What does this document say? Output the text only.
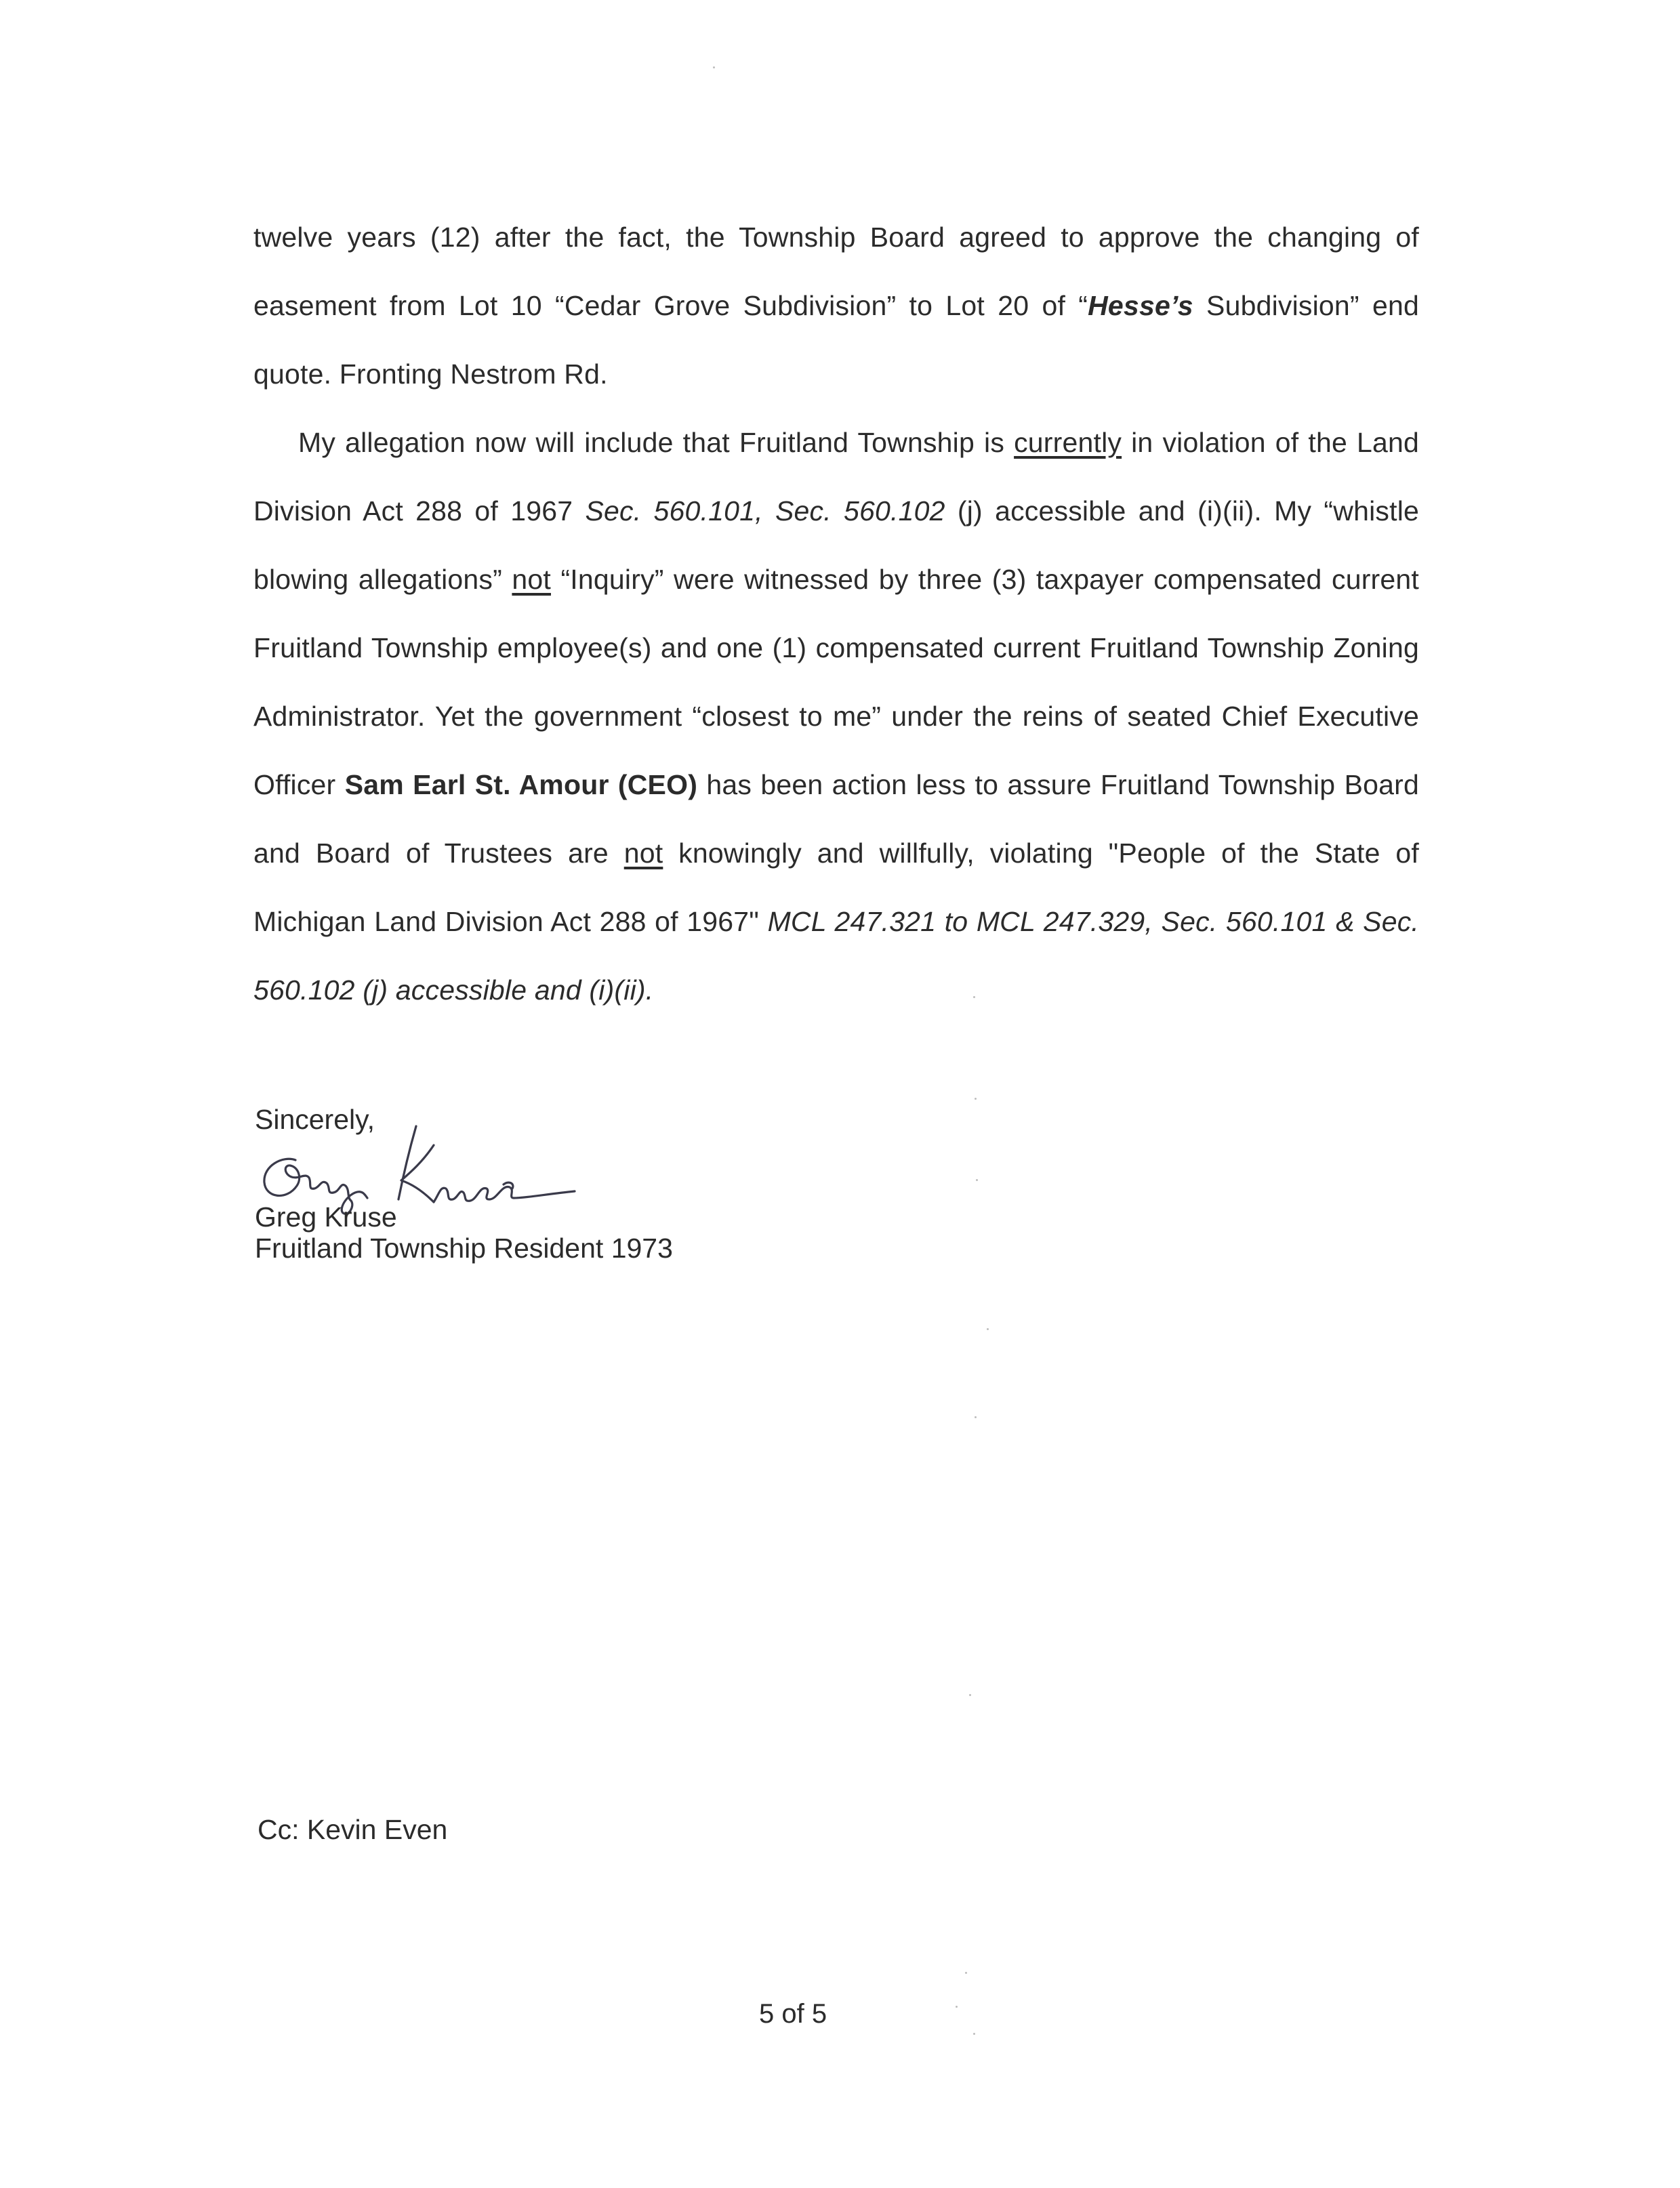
twelve years (12) after the fact, the Township Board agreed to approve the changing of easement from Lot 10 “Cedar Grove Subdivision” to Lot 20 of “Hesse’s Subdivision” end quote. Fronting Nestrom Rd.

My allegation now will include that Fruitland Township is currently in violation of the Land Division Act 288 of 1967 Sec. 560.101, Sec. 560.102 (j) accessible and (i)(ii). My “whistle blowing allegations” not “Inquiry” were witnessed by three (3) taxpayer compensated current Fruitland Township employee(s) and one (1) compensated current Fruitland Township Zoning Administrator. Yet the government “closest to me” under the reins of seated Chief Executive Officer Sam Earl St. Amour (CEO) has been action less to assure Fruitland Township Board and Board of Trustees are not knowingly and willfully, violating "People of the State of Michigan Land Division Act 288 of 1967" MCL 247.321 to MCL 247.329, Sec. 560.101 & Sec. 560.102 (j) accessible and (i)(ii).

Sincerely,
Greg Kruse
Fruitland Township Resident 1973
Cc: Kevin Even
5 of 5
